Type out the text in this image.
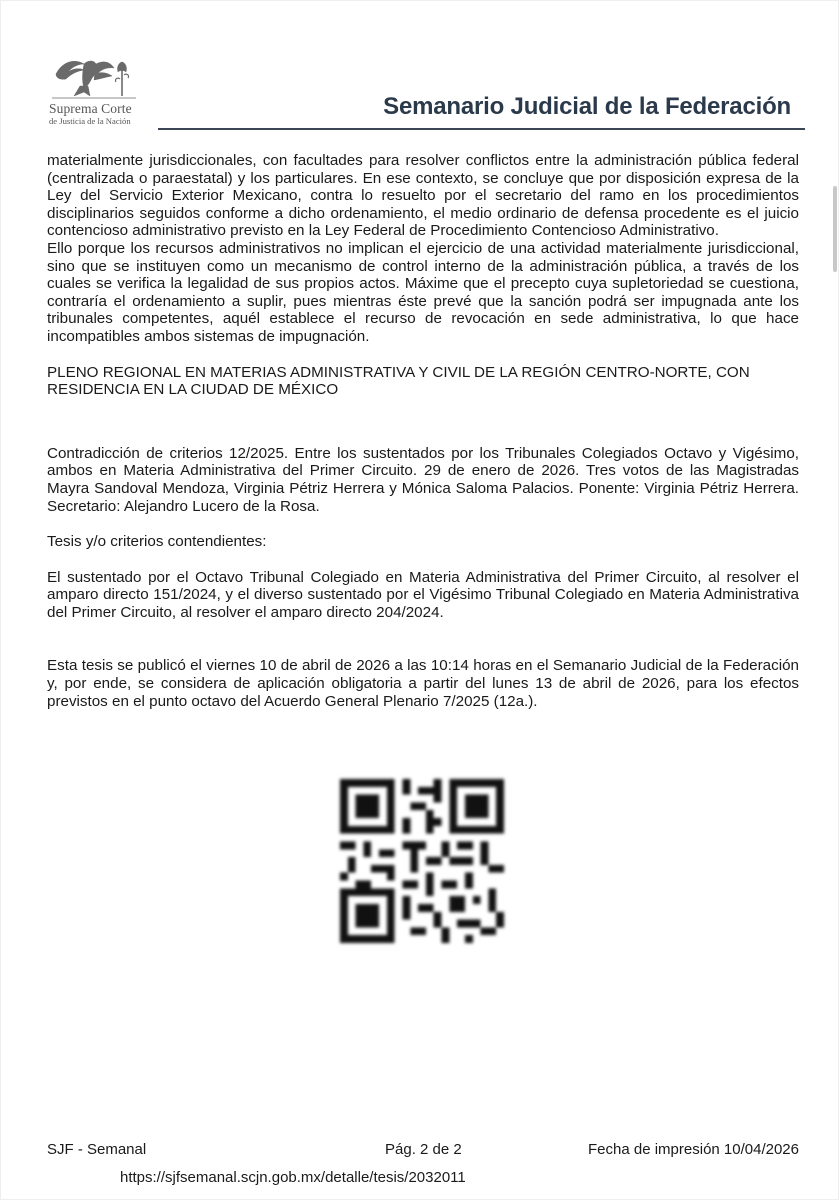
Suprema Corte
de Justicia de la Nación
Semanario Judicial de la Federación

materialmente jurisdiccionales, con facultades para resolver conflictos entre la administración pública federal (centralizada o paraestatal) y los particulares. En ese contexto, se concluye que por disposición expresa de la Ley del Servicio Exterior Mexicano, contra lo resuelto por el secretario del ramo en los procedimientos disciplinarios seguidos conforme a dicho ordenamiento, el medio ordinario de defensa procedente es el juicio contencioso administrativo previsto en la Ley Federal de Procedimiento Contencioso Administrativo.

Ello porque los recursos administrativos no implican el ejercicio de una actividad materialmente jurisdiccional, sino que se instituyen como un mecanismo de control interno de la administración pública, a través de los cuales se verifica la legalidad de sus propios actos. Máxime que el precepto cuya supletoriedad se cuestiona, contraría el ordenamiento a suplir, pues mientras éste prevé que la sanción podrá ser impugnada ante los tribunales competentes, aquél establece el recurso de revocación en sede administrativa, lo que hace incompatibles ambos sistemas de impugnación.

PLENO REGIONAL EN MATERIAS ADMINISTRATIVA Y CIVIL DE LA REGIÓN CENTRO-NORTE, CON RESIDENCIA EN LA CIUDAD DE MÉXICO

Contradicción de criterios 12/2025. Entre los sustentados por los Tribunales Colegiados Octavo y Vigésimo, ambos en Materia Administrativa del Primer Circuito. 29 de enero de 2026. Tres votos de las Magistradas Mayra Sandoval Mendoza, Virginia Pétriz Herrera y Mónica Saloma Palacios. Ponente: Virginia Pétriz Herrera. Secretario: Alejandro Lucero de la Rosa.

Tesis y/o criterios contendientes:

El sustentado por el Octavo Tribunal Colegiado en Materia Administrativa del Primer Circuito, al resolver el amparo directo 151/2024, y el diverso sustentado por el Vigésimo Tribunal Colegiado en Materia Administrativa del Primer Circuito, al resolver el amparo directo 204/2024.

Esta tesis se publicó el viernes 10 de abril de 2026 a las 10:14 horas en el Semanario Judicial de la Federación y, por ende, se considera de aplicación obligatoria a partir del lunes 13 de abril de 2026, para los efectos previstos en el punto octavo del Acuerdo General Plenario 7/2025 (12a.).

SJF - Semanal	Pág. 2 de 2	Fecha de impresión 10/04/2026
https://sjfsemanal.scjn.gob.mx/detalle/tesis/2032011
